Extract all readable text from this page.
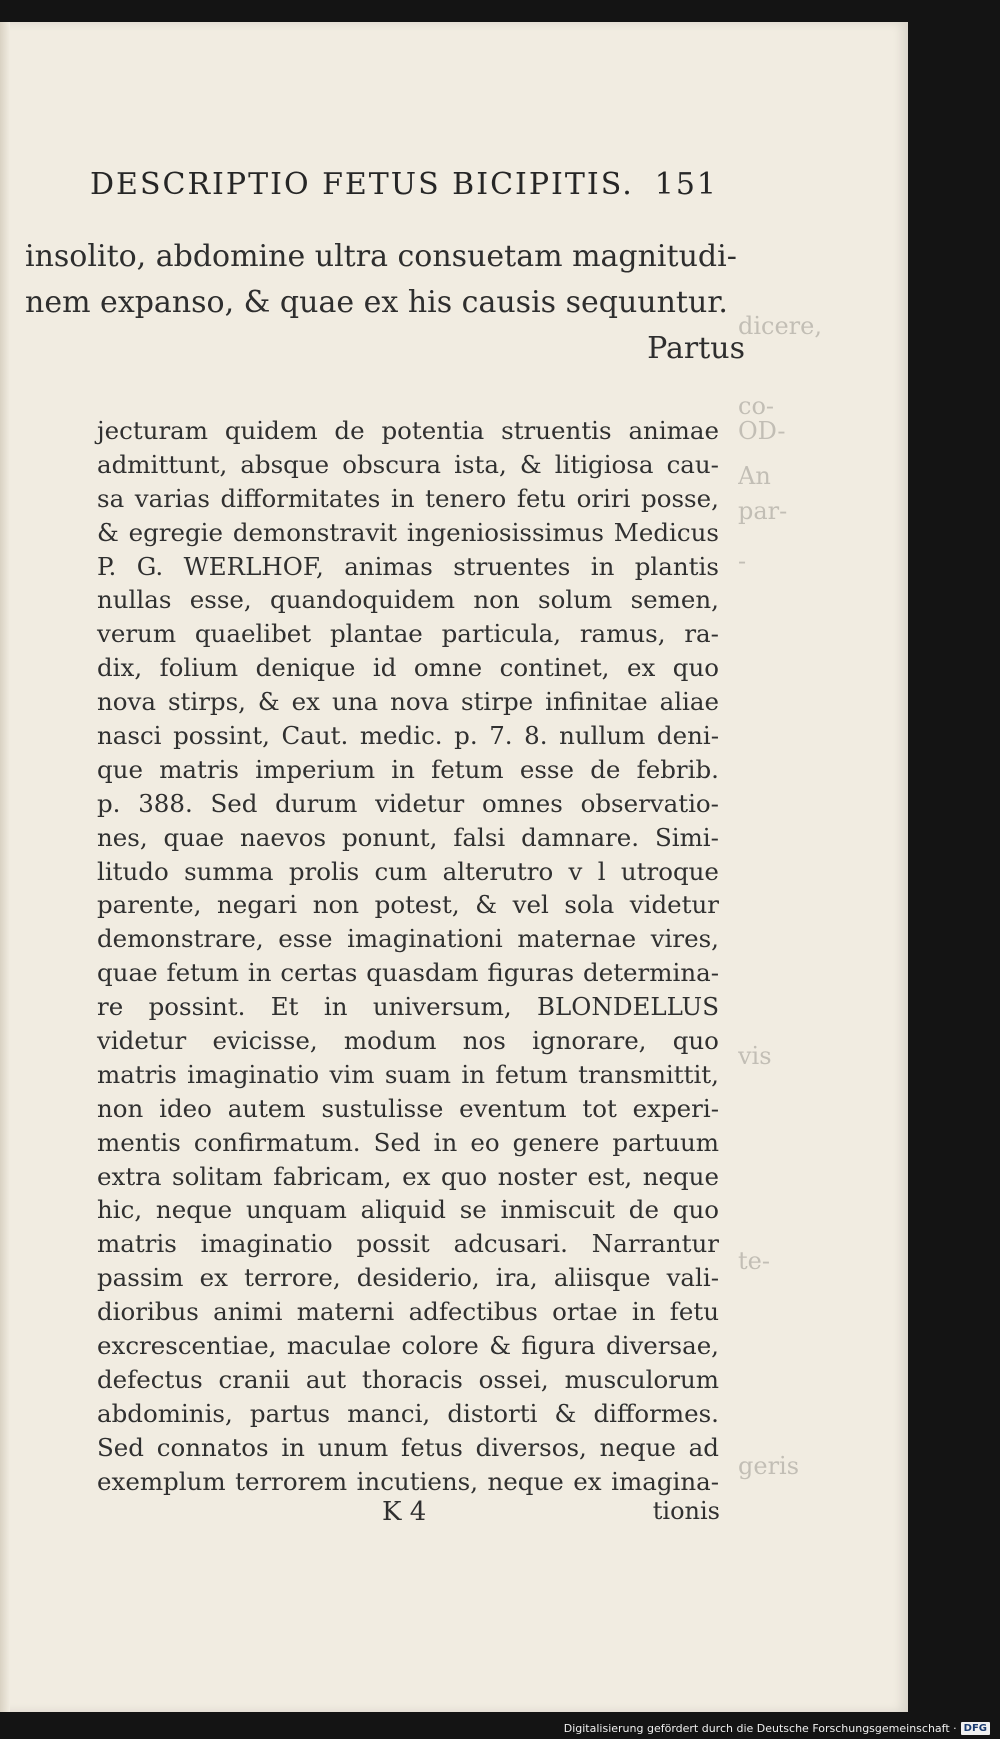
DESCRIPTIO FETUS BICIPITIS. 151
insolito, abdomine ultra consuetam magnitudi-
nem expanso, & quae ex his causis sequuntur.
Partus
dicere,
co-
OD-
An
par-
-
vis
te-
geris
jecturam quidem de potentia struentis animae
admittunt, absque obscura ista, & litigiosa cau-
sa varias difformitates in tenero fetu oriri posse,
& egregie demonstravit ingeniosissimus Medicus
P. G. WERLHOF, animas struentes in plantis
nullas esse, quandoquidem non solum semen,
verum quaelibet plantae particula, ramus, ra-
dix, folium denique id omne continet, ex quo
nova stirps, & ex una nova stirpe infinitae aliae
nasci possint, Caut. medic. p. 7. 8. nullum deni-
que matris imperium in fetum esse de febrib.
p. 388. Sed durum videtur omnes observatio-
nes, quae naevos ponunt, falsi damnare. Simi-
litudo summa prolis cum alterutro v l utroque
parente, negari non potest, & vel sola videtur
demonstrare, esse imaginationi maternae vires,
quae fetum in certas quasdam figuras determina-
re possint. Et in universum, BLONDELLUS
videtur evicisse, modum nos ignorare, quo
matris imaginatio vim suam in fetum transmittit,
non ideo autem sustulisse eventum tot experi-
mentis confirmatum. Sed in eo genere partuum
extra solitam fabricam, ex quo noster est, neque
hic, neque unquam aliquid se inmiscuit de quo
matris imaginatio possit adcusari. Narrantur
passim ex terrore, desiderio, ira, aliisque vali-
dioribus animi materni adfectibus ortae in fetu
excrescentiae, maculae colore & figura diversae,
defectus cranii aut thoracis ossei, musculorum
abdominis, partus manci, distorti & difformes.
Sed connatos in unum fetus diversos, neque ad
exemplum terrorem incutiens, neque ex imagina-
K 4	tionis
Digitalisierung gefördert durch die Deutsche Forschungsgemeinschaft · DFG
